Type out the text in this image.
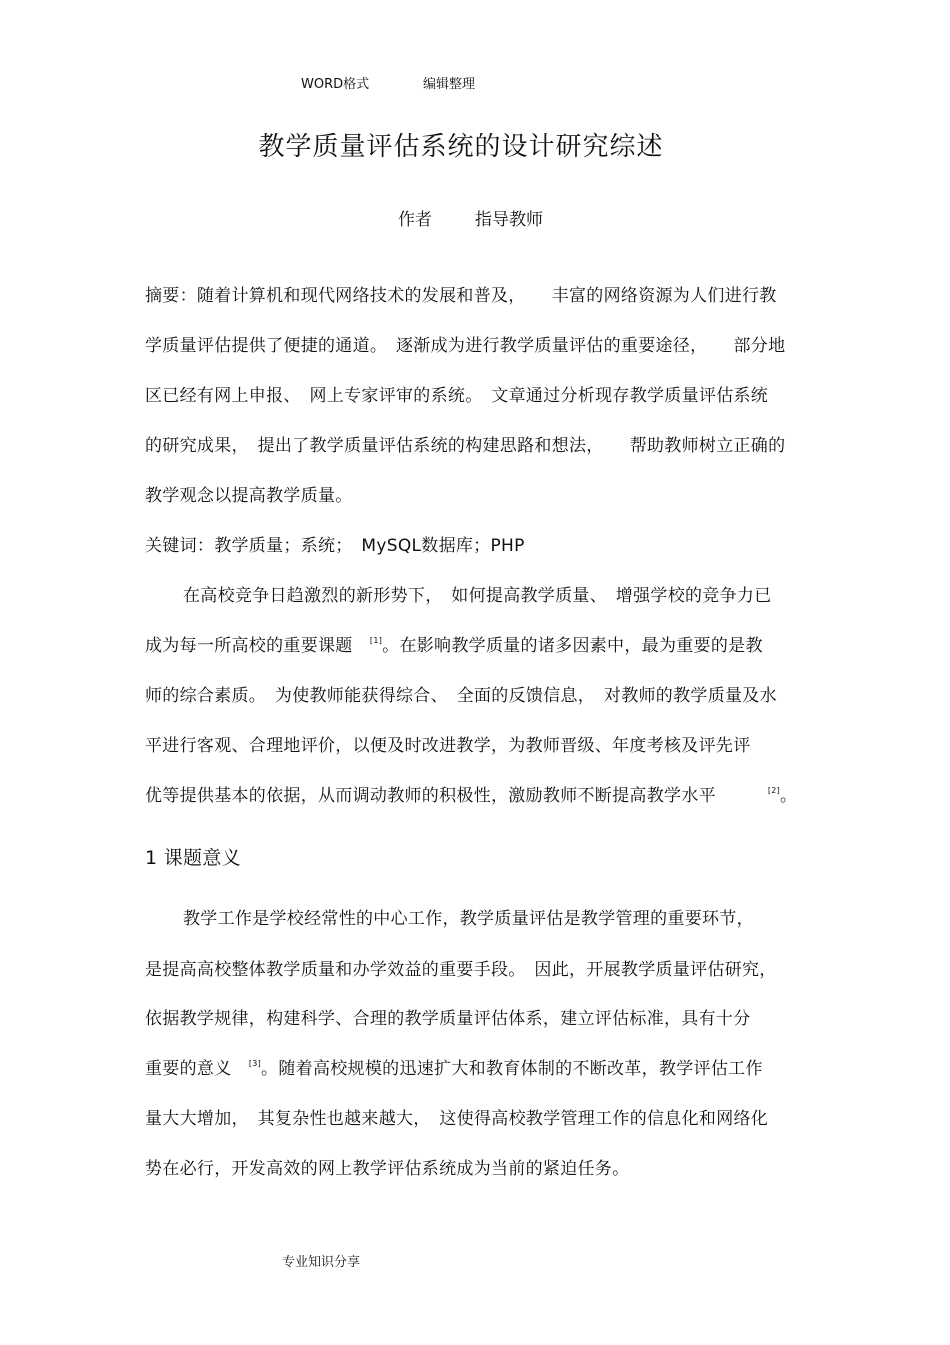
WORD格式	编辑整理
教学质量评估系统的设计研究综述
作者	指导教师
摘要：随着计算机和现代网络技术的发展和普及，　　丰富的网络资源为人们进行教
学质量评估提供了便捷的通道。　逐渐成为进行教学质量评估的重要途径，　　部分地
区已经有网上申报、　网上专家评审的系统。　文章通过分析现存教学质量评估系统
的研究成果，　提出了教学质量评估系统的构建思路和想法，　　帮助教师树立正确的
教学观念以提高教学质量。
关键词：教学质量；系统；　MySQL数据库；PHP
在高校竞争日趋激烈的新形势下，　如何提高教学质量、　增强学校的竞争力已
成为每一所高校的重要课题　[1]。在影响教学质量的诸多因素中，最为重要的是教
师的综合素质。　为使教师能获得综合、　全面的反馈信息，　对教师的教学质量及水
平进行客观、合理地评价，以便及时改进教学，为教师晋级、年度考核及评先评
优等提供基本的依据，从而调动教师的积极性，激励教师不断提高教学水平　　　[2]。
1 课题意义
教学工作是学校经常性的中心工作，教学质量评估是教学管理的重要环节，
是提高高校整体教学质量和办学效益的重要手段。　因此，开展教学质量评估研究，
依据教学规律，构建科学、合理的教学质量评估体系，建立评估标准，具有十分
重要的意义　[3]。随着高校规模的迅速扩大和教育体制的不断改革，教学评估工作
量大大增加，　其复杂性也越来越大，　这使得高校教学管理工作的信息化和网络化
势在必行，开发高效的网上教学评估系统成为当前的紧迫任务。
专业知识分享
